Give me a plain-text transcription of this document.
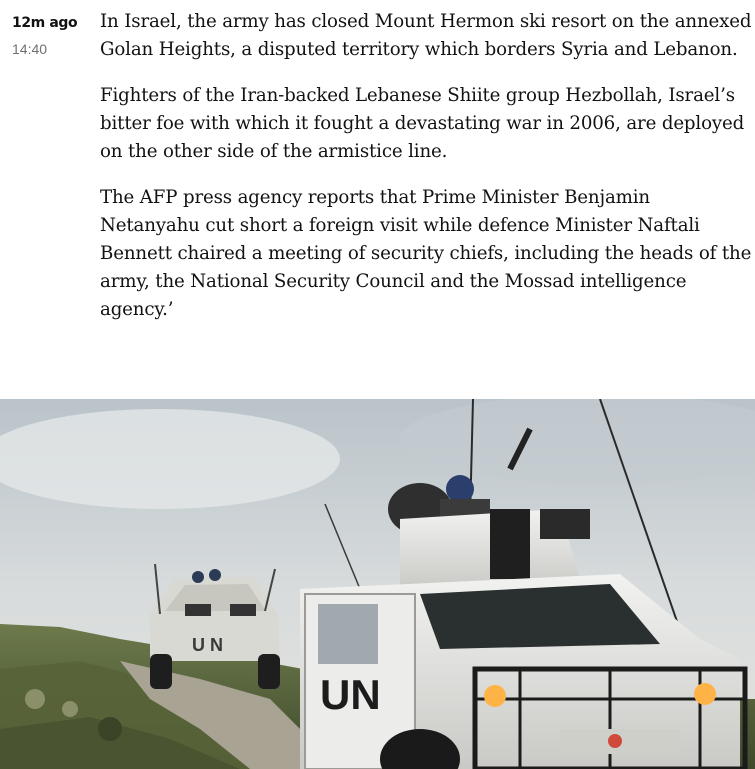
12m ago
14:40

In Israel, the army has closed Mount Hermon ski resort on the annexed Golan Heights, a disputed territory which borders Syria and Lebanon.

Fighters of the Iran-backed Lebanese Shiite group Hezbollah, Israel’s bitter foe with which it fought a devastating war in 2006, are deployed on the other side of the armistice line.

The AFP press agency reports that Prime Minister Benjamin Netanyahu cut short a foreign visit while defence Minister Naftali Bennett chaired a meeting of security chiefs, including the heads of the army, the National Security Council and the Mossad intelligence agency.’

U N
UN
